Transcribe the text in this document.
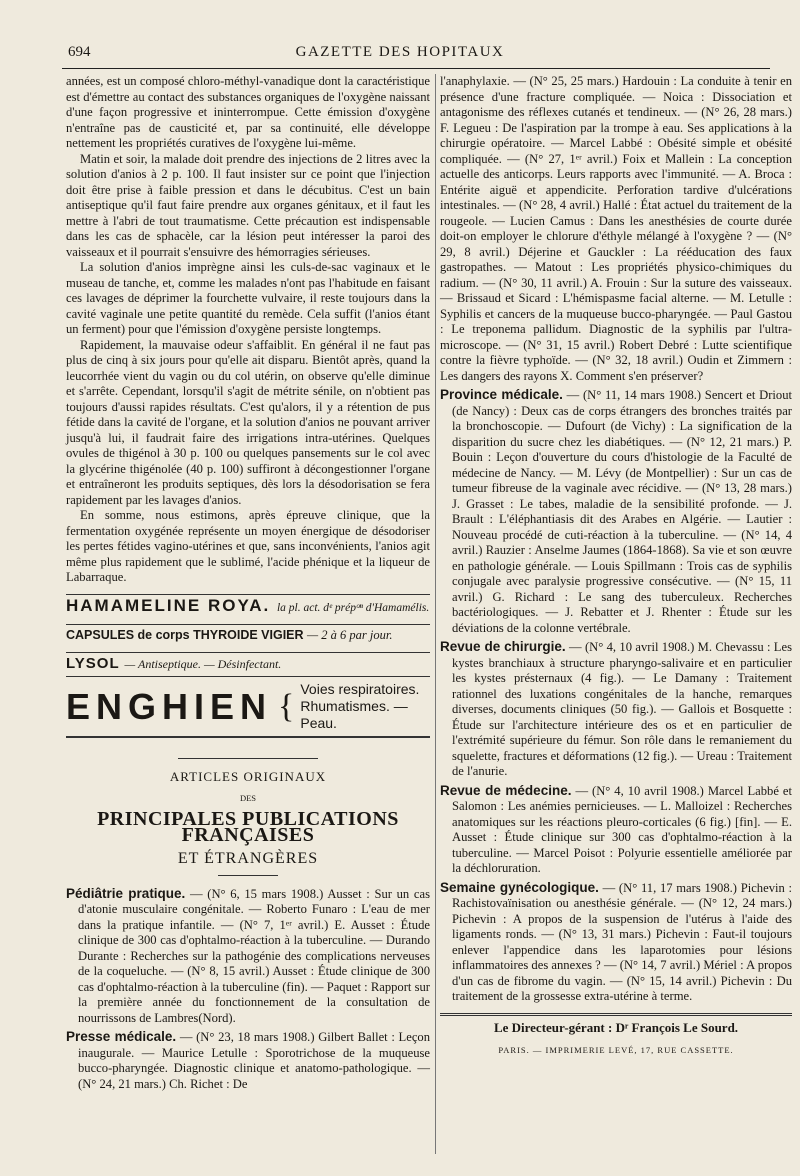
694	GAZETTE DES HOPITAUX

années, est un composé chloro-méthyl-vanadique dont la caractéristique est d'émettre au contact des substances organiques de l'oxygène naissant d'une façon progressive et ininterrompue. Cette émission d'oxygène n'entraîne pas de causticité et, par sa continuité, elle développe nettement les propriétés curatives de l'oxygène lui-même.

Matin et soir, la malade doit prendre des injections de 2 litres avec la solution d'anios à 2 p. 100. Il faut insister sur ce point que l'injection doit être prise à faible pression et dans le décubitus. C'est un bain antiseptique qu'il faut faire prendre aux organes génitaux, et il faut les mettre à l'abri de tout traumatisme. Cette précaution est indispensable dans les cas de sphacèle, car la lésion peut intéresser la paroi des vaisseaux et il pourrait s'ensuivre des hémorragies sérieuses.

La solution d'anios imprègne ainsi les culs-de-sac vaginaux et le museau de tanche, et, comme les malades n'ont pas l'habitude en faisant ces lavages de déprimer la fourchette vulvaire, il reste toujours dans la cavité vaginale une petite quantité du remède. Cela suffit (l'anios étant un ferment) pour que l'émission d'oxygène persiste longtemps.

Rapidement, la mauvaise odeur s'affaiblit. En général il ne faut pas plus de cinq à six jours pour qu'elle ait disparu. Bientôt après, quand la leucorrhée vient du vagin ou du col utérin, on observe qu'elle diminue et s'arrête. Cependant, lorsqu'il s'agit de métrite sénile, on n'obtient pas toujours d'aussi rapides résultats. C'est qu'alors, il y a rétention de pus fétide dans la cavité de l'organe, et la solution d'anios ne pouvant arriver jusqu'à lui, il faudrait faire des irrigations intra-utérines. Quelques ovules de thigénol à 30 p. 100 ou quelques pansements sur le col avec la glycérine thigénolée (40 p. 100) suffiront à décongestionner l'organe et entraîneront les produits septiques, dès lors la désodorisation se fera rapidement par les lavages d'anios.

En somme, nous estimons, après épreuve clinique, que la fermentation oxygénée représente un moyen énergique de désodoriser les pertes fétides vagino-utérines et que, sans inconvénients, l'anios agit même plus rapidement que le sublimé, l'acide phénique et la liqueur de Labarraque.

HAMAMELINE ROYA. la pl. act. dᵉ prépᵒⁿ d'Hamamélis.
CAPSULES de corps THYROIDE VIGIER — 2 à 6 par jour.
LYSOL — Antiseptique. — Désinfectant.
ENGHIEN { Voies respiratoires.
Rhumatismes. — Peau.
ARTICLES ORIGINAUX
DES
PRINCIPALES PUBLICATIONS FRANÇAISES
ET ÉTRANGÈRES

Pédiâtrie pratique. — (N° 6, 15 mars 1908.) Ausset : Sur un cas d'atonie musculaire congénitale. — Roberto Funaro : L'eau de mer dans la pratique infantile. — (N° 7, 1ᵉʳ avril.) E. Ausset : Étude clinique de 300 cas d'ophtalmo-réaction à la tuberculine. — Durando Durante : Recherches sur la pathogénie des complications nerveuses de la coqueluche. — (N° 8, 15 avril.) Ausset : Étude clinique de 300 cas d'ophtalmo-réaction à la tuberculine (fin). — Paquet : Rapport sur la première année du fonctionnement de la consultation de nourrissons de Lambres(Nord).

Presse médicale. — (N° 23, 18 mars 1908.) Gilbert Ballet : Leçon inaugurale. — Maurice Letulle : Sporotrichose de la muqueuse bucco-pharyngée. Diagnostic clinique et anatomo-pathologique. — (N° 24, 21 mars.) Ch. Richet : De

l'anaphylaxie. — (N° 25, 25 mars.) Hardouin : La conduite à tenir en présence d'une fracture compliquée. — Noica : Dissociation et antagonisme des réflexes cutanés et tendineux. — (N° 26, 28 mars.) F. Leguеu : De l'aspiration par la trompe à eau. Ses applications à la chirurgie opératoire. — Marcel Labbé : Obésité simple et obésité compliquée. — (N° 27, 1ᵉʳ avril.) Foix et Mallein : La conception actuelle des anticorps. Leurs rapports avec l'immunité. — A. Broca : Entérite aiguë et appendicite. Perforation tardive d'ulcérations intestinales. — (N° 28, 4 avril.) Hallé : État actuel du traitement de la rougeole. — Lucien Camus : Dans les anesthésies de courte durée doit-on employer le chlorure d'éthyle mélangé à l'oxygène ? — (N° 29, 8 avril.) Déjerine et Gauckler : La rééducation des faux gastropathes. — Matout : Les propriétés physico-chimiques du radium. — (N° 30, 11 avril.) A. Frouin : Sur la suture des vaisseaux. — Brissaud et Sicard : L'hémispasme facial alterne. — M. Letulle : Syphilis et cancers de la muqueuse bucco-pharyngée. — Paul Gastou : Le treponema pallidum. Diagnostic de la syphilis par l'ultra-microscope. — (N° 31, 15 avril.) Robert Debré : Lutte scientifique contre la fièvre typhoïde. — (N° 32, 18 avril.) Oudin et Zimmern : Les dangers des rayons X. Comment s'en préserver?

Province médicale. — (N° 11, 14 mars 1908.) Sencert et Driout (de Nancy) : Deux cas de corps étrangers des bronches traités par la bronchoscopie. — Dufourt (de Vichy) : La signification de la disparition du sucre chez les diabétiques. — (N° 12, 21 mars.) P. Bouin : Leçon d'ouverture du cours d'histologie de la Faculté de médecine de Nancy. — M. Lévy (de Montpellier) : Sur un cas de tumeur fibreuse de la vaginale avec récidive. — (N° 13, 28 mars.) J. Grasset : Le tabes, maladie de la sensibilité profonde. — J. Brault : L'éléphantiasis dit des Arabes en Algérie. — Lautier : Nouveau procédé de cuti-réaction à la tuberculine. — (N° 14, 4 avril.) Rauzier : Anselme Jaumes (1864-1868). Sa vie et son œuvre en pathologie générale. — Louis Spillmann : Trois cas de syphilis conjugale avec paralysie progressive consécutive. — (N° 15, 11 avril.) G. Richard : Le sang des tuberculeux. Recherches bactériologiques. — J. Rebatter et J. Rhenter : Étude sur les déviations de la colonne vertébrale.

Revue de chirurgie. — (N° 4, 10 avril 1908.) M. Chevassu : Les kystes branchiaux à structure pharyngo-salivaire et en particulier les kystes présternaux (4 fig.). — Le Damany : Traitement rationnel des luxations congénitales de la hanche, remarques diverses, documents cliniques (50 fig.). — Gallois et Bosquette : Étude sur l'architecture intérieure des os et en particulier de l'extrémité supérieure du fémur. Son rôle dans le remaniement du squelette, fractures et déformations (12 fig.). — Ureau : Traitement de l'anurie.

Revue de médecine. — (N° 4, 10 avril 1908.) Marcel Labbé et Salomon : Les anémies pernicieuses. — L. Malloizel : Recherches anatomiques sur les réactions pleuro-corticales (6 fig.) [fin]. — E. Ausset : Étude clinique sur 300 cas d'ophtalmo-réaction à la tuberculine. — Marcel Poisot : Polyurie essentielle améliorée par la déchloruration.

Semaine gynécologique. — (N° 11, 17 mars 1908.) Pichevin : Rachistovaïnisation ou anesthésie générale. — (N° 12, 24 mars.) Pichevin : A propos de la suspension de l'utérus à l'aide des ligaments ronds. — (N° 13, 31 mars.) Pichevin : Faut-il toujours enlever l'appendice dans les laparotomies pour lésions inflammatoires des annexes ? — (N° 14, 7 avril.) Mériel : A propos d'un cas de fibrome du vagin. — (N° 15, 14 avril.) Pichevin : Du traitement de la grossesse extra-utérine à terme.

Le Directeur-gérant : Dʳ François Le Sourd.
PARIS. — IMPRIMERIE LEVÉ, 17, RUE CASSETTE.
